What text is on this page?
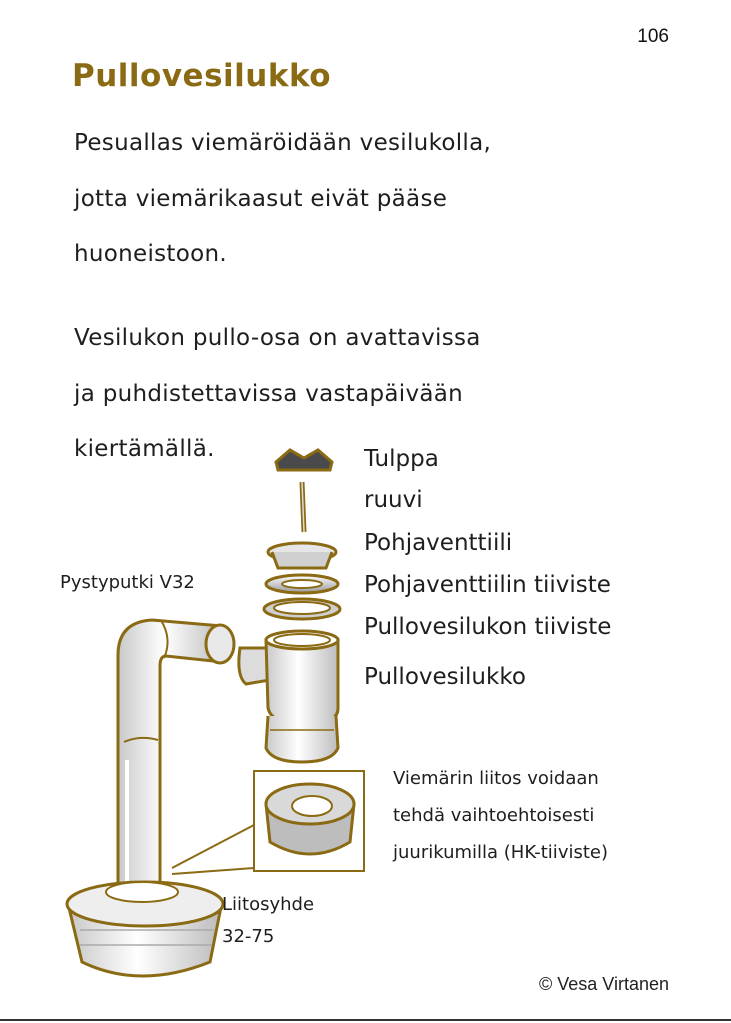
106
Pullovesilukko
Pesuallas viemäröidään vesilukolla,
jotta viemärikaasut eivät pääse
huoneistoon.
Vesilukon pullo-osa on avattavissa
ja puhdistettavissa vastapäivään
kiertämällä.	Tulppa
ruuvi
Pohjaventtiili
Pohjaventtiilin tiiviste
Pullovesilukon tiiviste
Pullovesilukko
Pystyputki V32
Liitosyhde
32-75
Viemärin liitos voidaan
tehdä vaihtoehtoisesti
juurikumilla (HK-tiiviste)
© Vesa Virtanen
